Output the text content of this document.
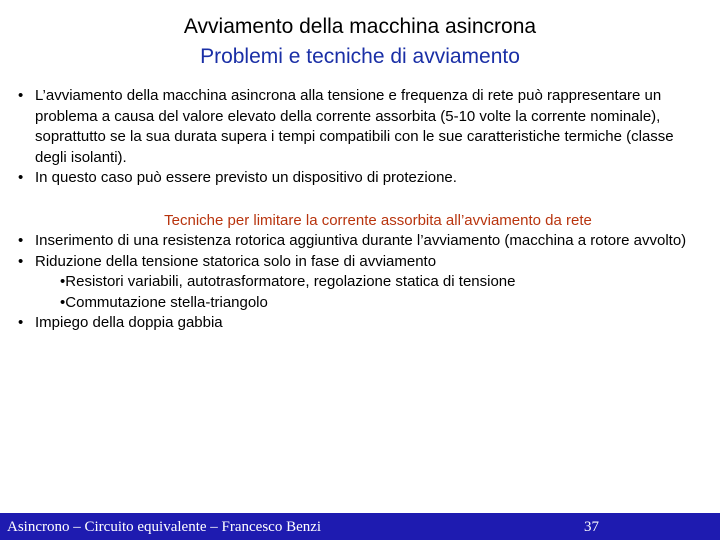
Avviamento della macchina asincrona
Problemi e tecniche di avviamento
• L’avviamento della macchina asincrona alla tensione e frequenza di rete può rappresentare un problema a causa del valore elevato della corrente assorbita (5-10 volte la corrente nominale), soprattutto se la sua durata supera i tempi compatibili con le sue caratteristiche termiche (classe degli isolanti).
• In questo caso può essere previsto un dispositivo di protezione.
Tecniche per limitare la corrente assorbita all’avviamento da rete
• Inserimento di una resistenza rotorica aggiuntiva durante l’avviamento (macchina a rotore avvolto)
• Riduzione della tensione statorica solo in fase di avviamento
•Resistori variabili, autotrasformatore, regolazione statica di tensione
•Commutazione stella-triangolo
• Impiego della doppia gabbia
Asincrono – Circuito equivalente – Francesco Benzi	37
